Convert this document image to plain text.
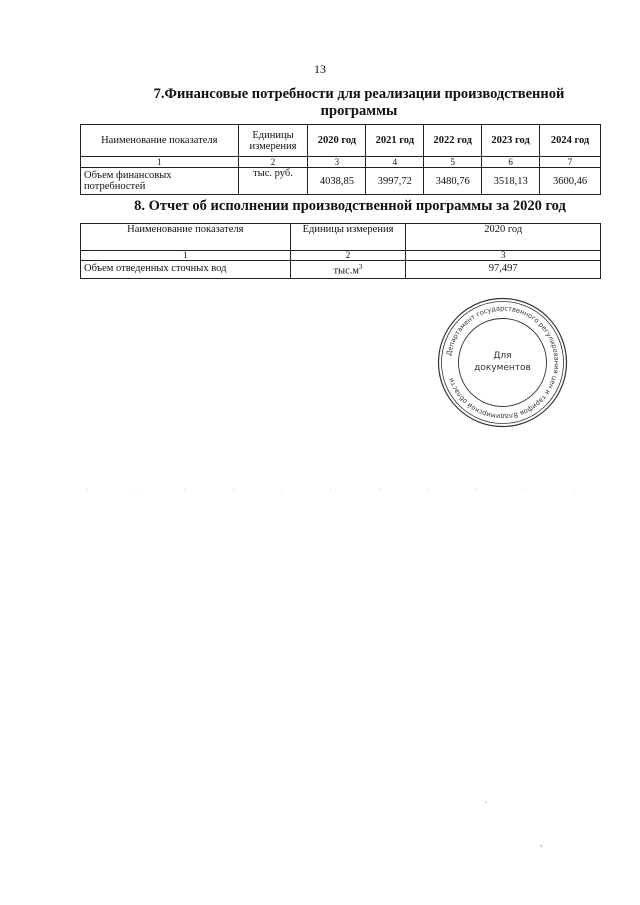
13
7.Финансовые потребности для реализации производственной программы
Наименование показателя	Единицы измерения	2020 год	2021 год	2022 год	2023 год	2024 год
1	2	3	4	5	6	7
Объем финансовых потребностей	тыс. руб.	4038,85	3997,72	3480,76	3518,13	3600,46
8. Отчет об исполнении производственной программы за 2020 год
Наименование показателя	Единицы измерения	2020 год
1	2	3
Объем отведенных сточных вод	$тыс.м^3$	97,497
Департамент государственного регулирования цен и тарифов Владимирской области
Для
документов
· · · · · · · · · · ·
·
,
